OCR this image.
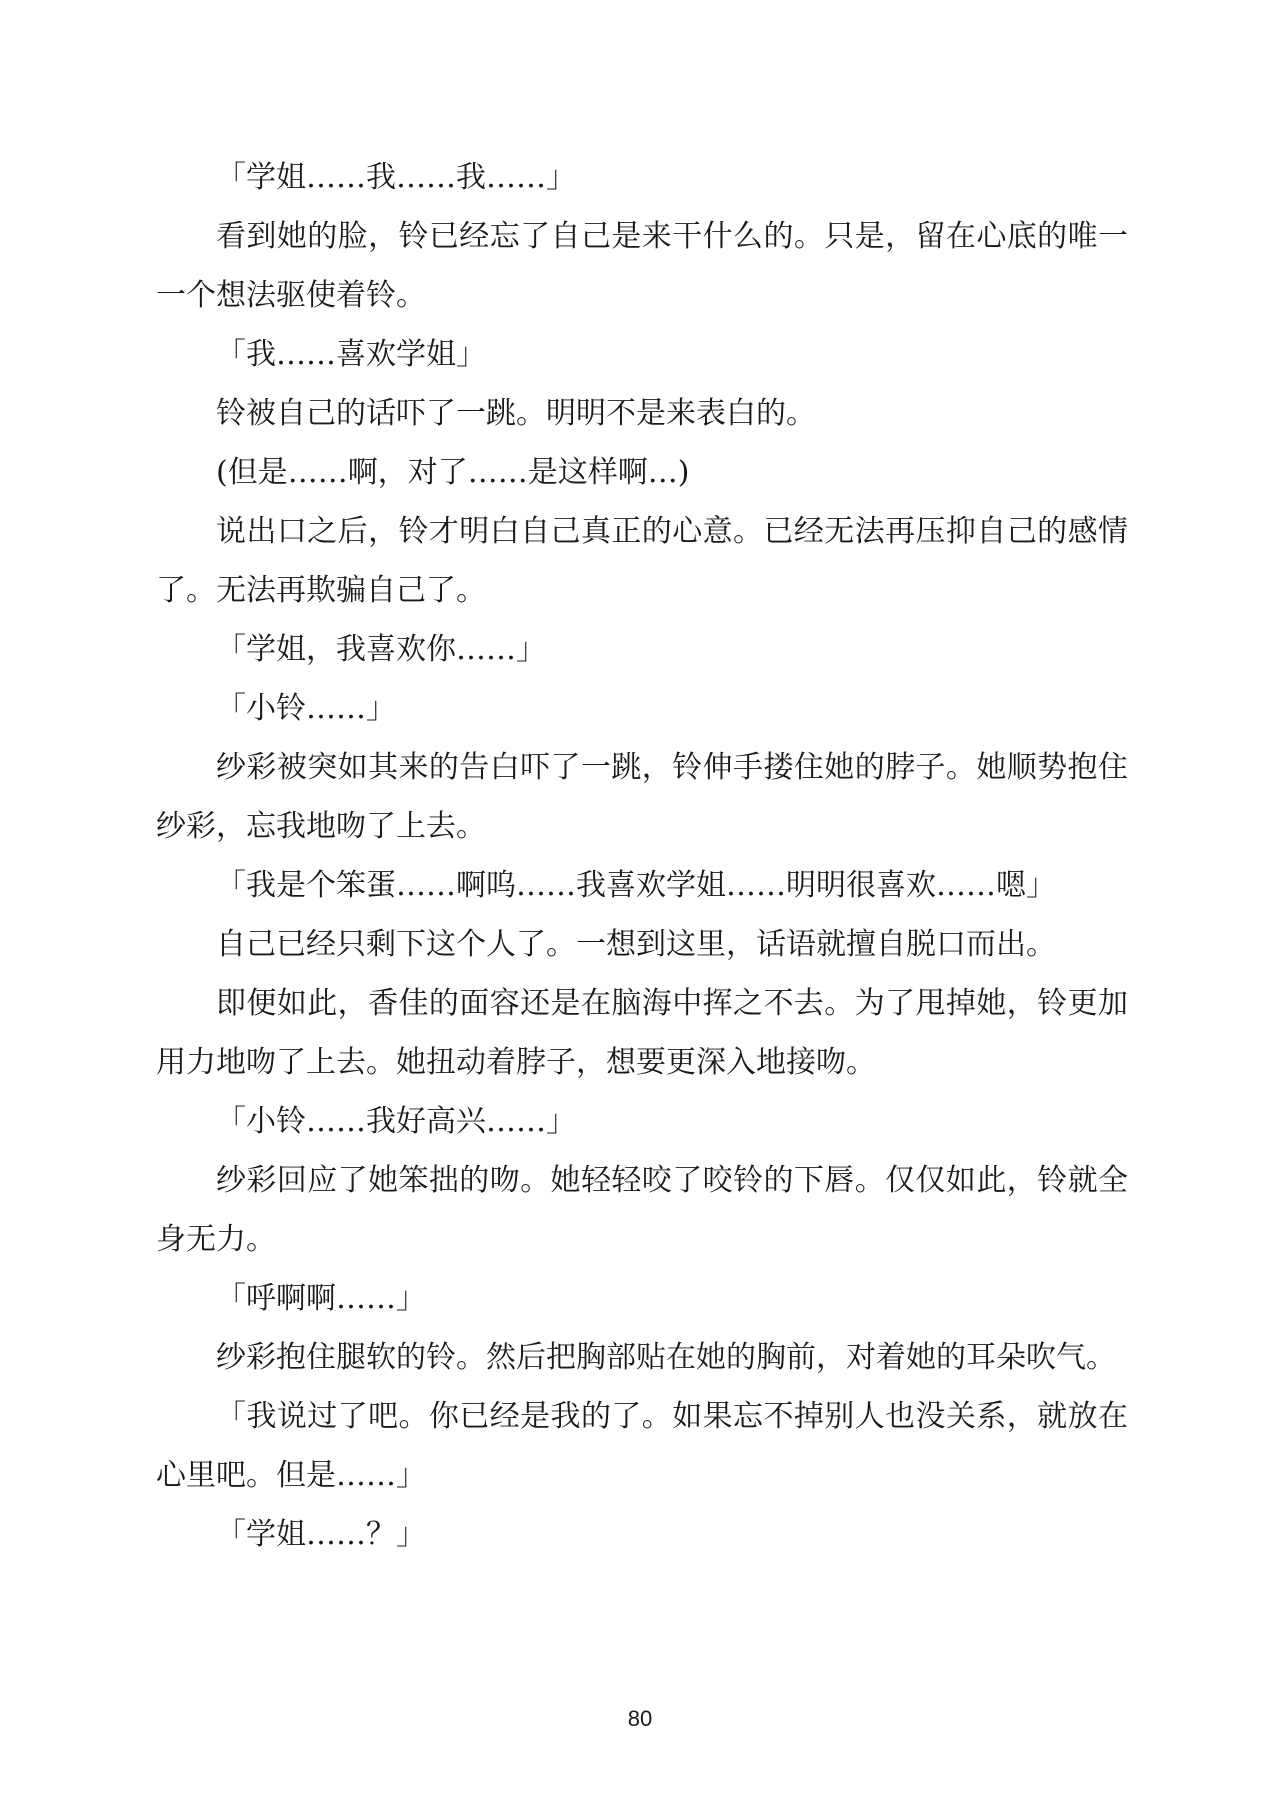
「学姐……我……我……」

看到她的脸，铃已经忘了自己是来干什么的。只是，留在心底的唯一一个想法驱使着铃。

「我……喜欢学姐」

铃被自己的话吓了一跳。明明不是来表白的。

(但是……啊，对了……是这样啊…)

说出口之后，铃才明白自己真正的心意。已经无法再压抑自己的感情了。无法再欺骗自己了。

「学姐，我喜欢你……」

「小铃……」

纱彩被突如其来的告白吓了一跳，铃伸手搂住她的脖子。她顺势抱住纱彩，忘我地吻了上去。

「我是个笨蛋……啊呜……我喜欢学姐……明明很喜欢……嗯」

自己已经只剩下这个人了。一想到这里，话语就擅自脱口而出。

即便如此，香佳的面容还是在脑海中挥之不去。为了甩掉她，铃更加用力地吻了上去。她扭动着脖子，想要更深入地接吻。

「小铃……我好高兴……」

纱彩回应了她笨拙的吻。她轻轻咬了咬铃的下唇。仅仅如此，铃就全身无力。

「呼啊啊……」

纱彩抱住腿软的铃。然后把胸部贴在她的胸前，对着她的耳朵吹气。

「我说过了吧。你已经是我的了。如果忘不掉别人也没关系，就放在心里吧。但是……」

「学姐……？」

80
